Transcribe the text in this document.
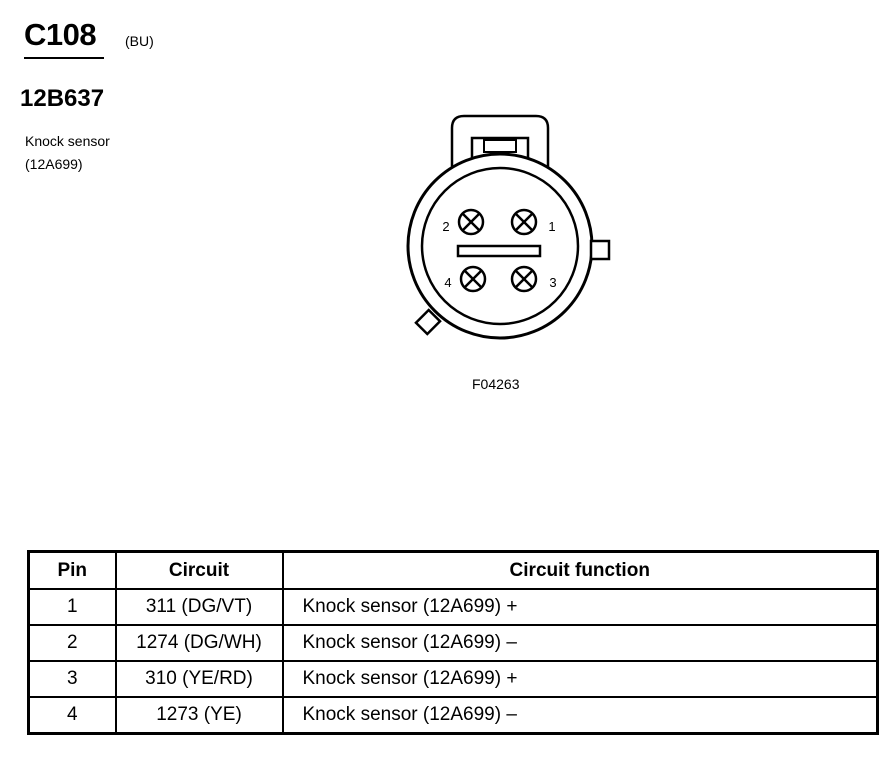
C108 (BU)
12B637
Knock sensor
(12A699)
2	1
4	3
F04263
Pin	Circuit	Circuit function
1	311 (DG/VT)	Knock sensor (12A699) +
2	1274 (DG/WH)	Knock sensor (12A699) –
3	310 (YE/RD)	Knock sensor (12A699) +
4	1273 (YE)	Knock sensor (12A699) –
